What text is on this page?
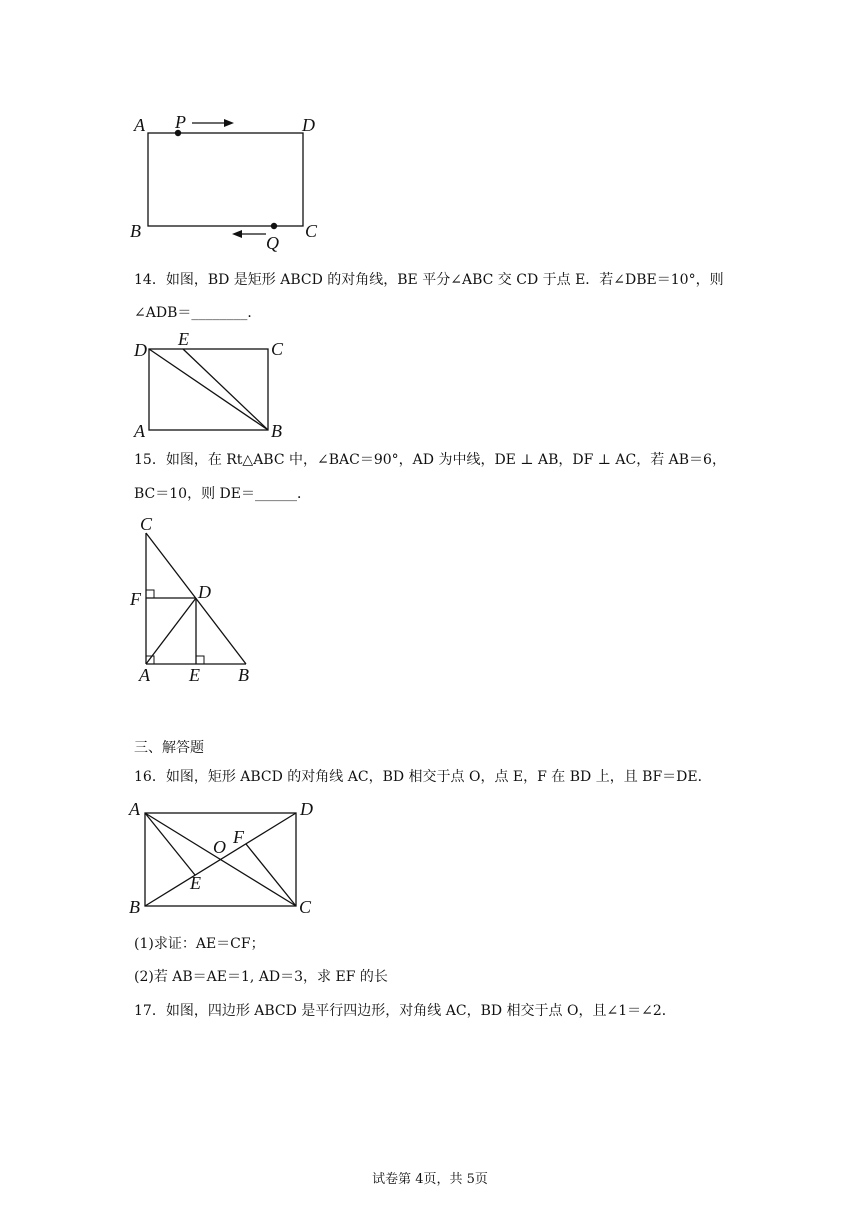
A P	D
B
Q
C
14．如图，BD 是矩形 ABCD 的对角线，BE 平分∠ABC 交 CD 于点 E．若∠DBE＝10°，则
∠ADB＝________．
D
E	C
A	B
15．如图，在 Rt△ABC 中，∠BAC＝90°，AD 为中线，DE ⊥ AB，DF ⊥ AC，若 AB＝6，
BC＝10，则 DE＝______．
C
F	D
A E B
三、解答题
16．如图，矩形 ABCD 的对角线 AC，BD 相交于点 O，点 E，F 在 BD 上，且 BF＝DE．
A	D
O F
E
B	C
(1)求证：AE＝CF；
(2)若 AB＝AE＝1, AD＝3，求 EF 的长
17．如图，四边形 ABCD 是平行四边形，对角线 AC，BD 相交于点 O，且∠1＝∠2．
试卷第 4页，共 5页
